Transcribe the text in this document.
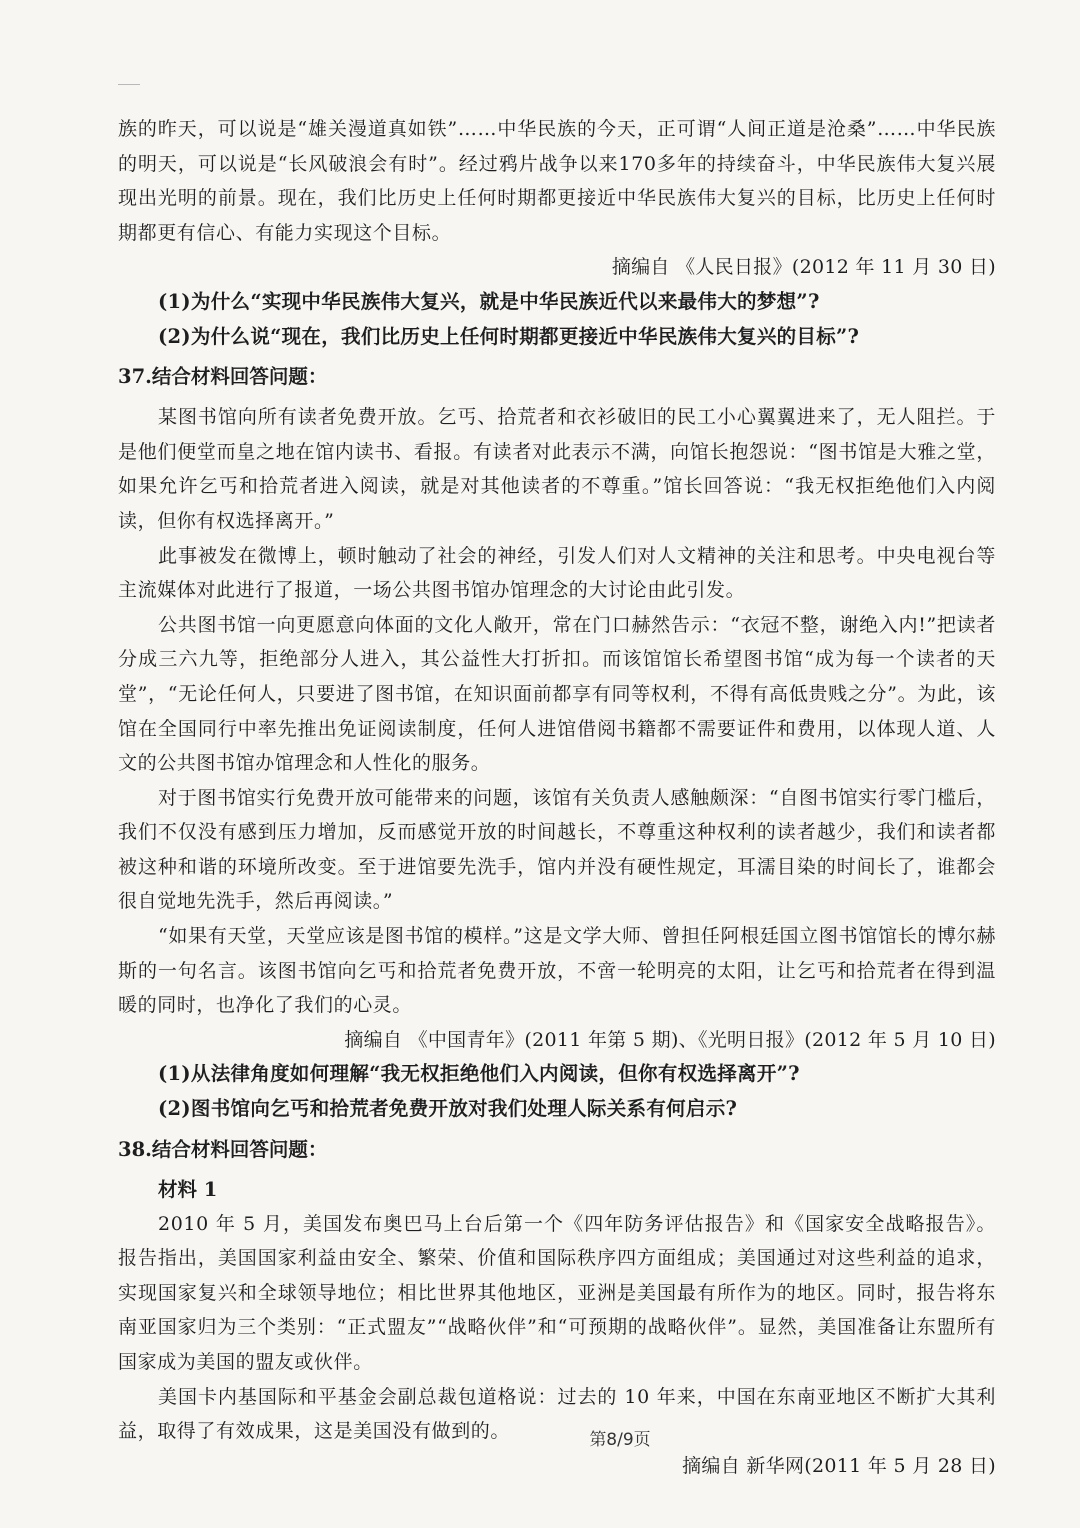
族的昨天，可以说是“雄关漫道真如铁”……中华民族的今天，正可谓“人间正道是沧桑”……中华民族的明天，可以说是“长风破浪会有时”。经过鸦片战争以来170多年的持续奋斗，中华民族伟大复兴展现出光明的前景。现在，我们比历史上任何时期都更接近中华民族伟大复兴的目标，比历史上任何时期都更有信心、有能力实现这个目标。

摘编自 《人民日报》(2012 年 11 月 30 日)

(1)为什么“实现中华民族伟大复兴，就是中华民族近代以来最伟大的梦想”?

(2)为什么说“现在，我们比历史上任何时期都更接近中华民族伟大复兴的目标”?

37.结合材料回答问题：

某图书馆向所有读者免费开放。乞丐、拾荒者和衣衫破旧的民工小心翼翼进来了，无人阻拦。于是他们便堂而皇之地在馆内读书、看报。有读者对此表示不满，向馆长抱怨说：“图书馆是大雅之堂，如果允许乞丐和拾荒者进入阅读，就是对其他读者的不尊重。”馆长回答说：“我无权拒绝他们入内阅读，但你有权选择离开。”

此事被发在微博上，顿时触动了社会的神经，引发人们对人文精神的关注和思考。中央电视台等主流媒体对此进行了报道，一场公共图书馆办馆理念的大讨论由此引发。

公共图书馆一向更愿意向体面的文化人敞开，常在门口赫然告示：“衣冠不整，谢绝入内!”把读者分成三六九等，拒绝部分人进入，其公益性大打折扣。而该馆馆长希望图书馆“成为每一个读者的天堂”，“无论任何人，只要进了图书馆，在知识面前都享有同等权利，不得有高低贵贱之分”。为此，该馆在全国同行中率先推出免证阅读制度，任何人进馆借阅书籍都不需要证件和费用，以体现人道、人文的公共图书馆办馆理念和人性化的服务。

对于图书馆实行免费开放可能带来的问题，该馆有关负责人感触颇深：“自图书馆实行零门槛后，我们不仅没有感到压力增加，反而感觉开放的时间越长，不尊重这种权利的读者越少，我们和读者都被这种和谐的环境所改变。至于进馆要先洗手，馆内并没有硬性规定，耳濡目染的时间长了，谁都会很自觉地先洗手，然后再阅读。”

“如果有天堂，天堂应该是图书馆的模样。”这是文学大师、曾担任阿根廷国立图书馆馆长的博尔赫斯的一句名言。该图书馆向乞丐和拾荒者免费开放，不啻一轮明亮的太阳，让乞丐和拾荒者在得到温暖的同时，也净化了我们的心灵。

摘编自 《中国青年》(2011 年第 5 期)、《光明日报》(2012 年 5 月 10 日)

(1)从法律角度如何理解“我无权拒绝他们入内阅读，但你有权选择离开”?

(2)图书馆向乞丐和拾荒者免费开放对我们处理人际关系有何启示?

38.结合材料回答问题：
材料 1

2010 年 5 月，美国发布奥巴马上台后第一个《四年防务评估报告》和《国家安全战略报告》。报告指出，美国国家利益由安全、繁荣、价值和国际秩序四方面组成；美国通过对这些利益的追求，实现国家复兴和全球领导地位；相比世界其他地区，亚洲是美国最有所作为的地区。同时，报告将东南亚国家归为三个类别：“正式盟友”“战略伙伴”和“可预期的战略伙伴”。显然，美国准备让东盟所有国家成为美国的盟友或伙伴。

美国卡内基国际和平基金会副总裁包道格说：过去的 10 年来，中国在东南亚地区不断扩大其利益，取得了有效成果，这是美国没有做到的。

摘编自 新华网(2011 年 5 月 28 日)

第8/9页
